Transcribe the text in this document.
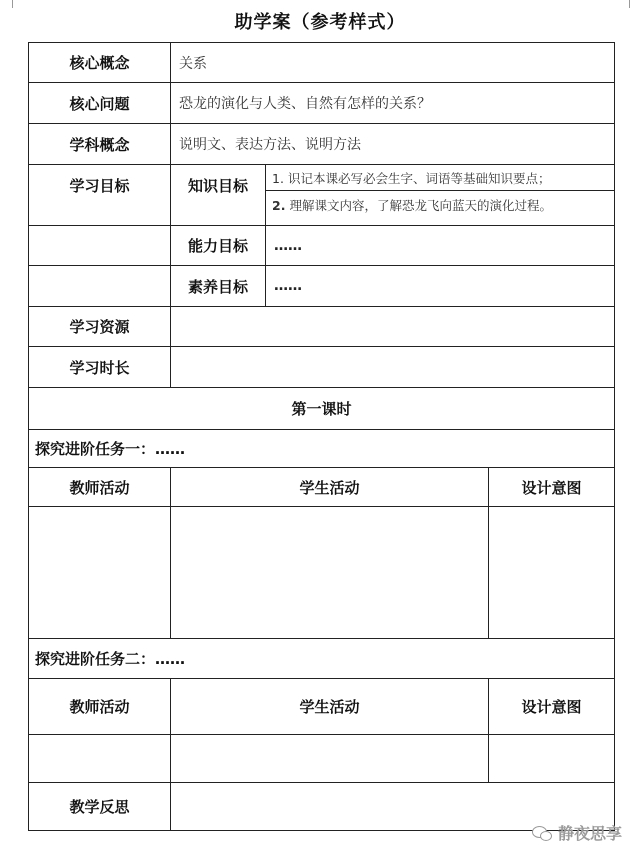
助学案（参考样式）
核心概念	关系		
核心问题	恐龙的演化与人类、自然有怎样的关系？		
学科概念	说明文、表达方法、说明方法		
学习目标	知识目标	1. 识记本课必写必会生字、词语等基础知识要点；
2. 理解课文内容，了解恐龙飞向蓝天的演化过程。	

	能力目标	……	
	素养目标	……	
学习资源			
学习时长			
第一课时			
探究进阶任务一：……			
教师活动	学生活动		设计意图

探究进阶任务二：……			
教师活动	学生活动		设计意图

教学反思			
静夜思享
